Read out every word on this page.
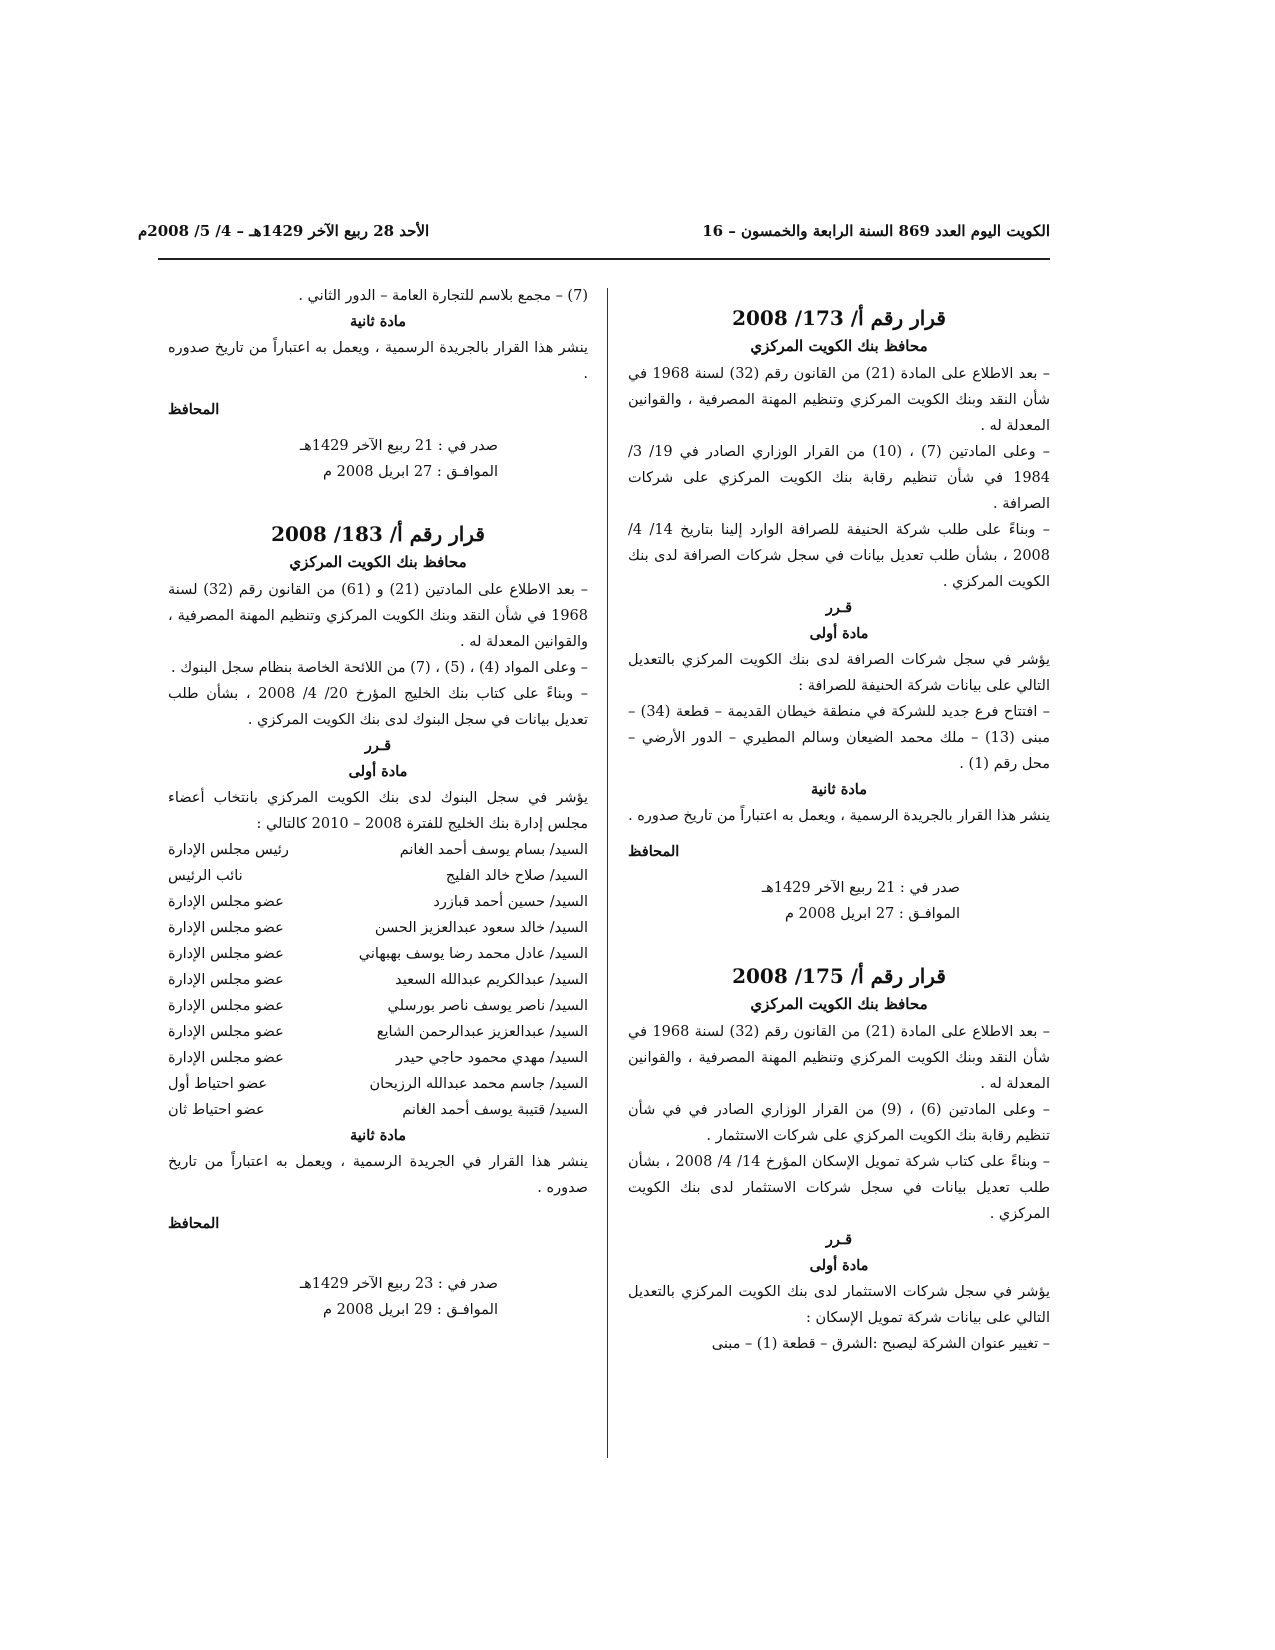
الكويت اليوم العدد 869 السنة الرابعة والخمسون – 16
الأحد 28 ربيع الآخر 1429هـ – 4/ 5/ 2008م
قرار رقم أ/ 173/ 2008
محافظ بنك الكويت المركزي

– بعد الاطلاع على المادة (21) من القانون رقم (32) لسنة 1968 في شأن النقد وبنك الكويت المركزي وتنظيم المهنة المصرفية ، والقوانين المعدلة له .

– وعلى المادتين (7) ، (10) من القرار الوزاري الصادر في 19/ 3/ 1984 في شأن تنظيم رقابة بنك الكويت المركزي على شركات الصرافة .

– وبناءً على طلب شركة الحنيفة للصرافة الوارد إلينا بتاريخ 14/ 4/ 2008 ، بشأن طلب تعديل بيانات في سجل شركات الصرافة لدى بنك الكويت المركزي .

قـرر
مادة أولى

يؤشر في سجل شركات الصرافة لدى بنك الكويت المركزي بالتعديل التالي على بيانات شركة الحنيفة للصرافة :

– افتتاح فرع جديد للشركة في منطقة خيطان القديمة – قطعة (34) – مبنى (13) – ملك محمد الضيعان وسالم المطيري – الدور الأرضي – محل رقم (1) .

مادة ثانية

ينشر هذا القرار بالجريدة الرسمية ، ويعمل به اعتباراً من تاريخ صدوره .

المحافظ
صدر في : 21 ربيع الآخر 1429هـ
الموافـق : 27 ابريل 2008 م
قرار رقم أ/ 175/ 2008
محافظ بنك الكويت المركزي

– بعد الاطلاع على المادة (21) من القانون رقم (32) لسنة 1968 في شأن النقد وبنك الكويت المركزي وتنظيم المهنة المصرفية ، والقوانين المعدلة له .

– وعلى المادتين (6) ، (9) من القرار الوزاري الصادر في في شأن تنظيم رقابة بنك الكويت المركزي على شركات الاستثمار .

– وبناءً على كتاب شركة تمويل الإسكان المؤرخ 14/ 4/ 2008 ، بشأن طلب تعديل بيانات في سجل شركات الاستثمار لدى بنك الكويت المركزي .

قـرر
مادة أولى

يؤشر في سجل شركات الاستثمار لدى بنك الكويت المركزي بالتعديل التالي على بيانات شركة تمويل الإسكان :

– تغيير عنوان الشركة ليصبح :الشرق – قطعة (1) – مبنى

(7) – مجمع بلاسم للتجارة العامة – الدور الثاني .

مادة ثانية

ينشر هذا القرار بالجريدة الرسمية ، ويعمل به اعتباراً من تاريخ صدوره .

المحافظ
صدر في : 21 ربيع الآخر 1429هـ
الموافـق : 27 ابريل 2008 م
قرار رقم أ/ 183/ 2008
محافظ بنك الكويت المركزي

– بعد الاطلاع على المادتين (21) و (61) من القانون رقم (32) لسنة 1968 في شأن النقد وبنك الكويت المركزي وتنظيم المهنة المصرفية ، والقوانين المعدلة له .

– وعلى المواد (4) ، (5) ، (7) من اللائحة الخاصة بنظام سجل البنوك .

– وبناءً على كتاب بنك الخليج المؤرخ 20/ 4/ 2008 ، بشأن طلب تعديل بيانات في سجل البنوك لدى بنك الكويت المركزي .

قـرر
مادة أولى

يؤشر في سجل البنوك لدى بنك الكويت المركزي بانتخاب أعضاء مجلس إدارة بنك الخليج للفترة 2008 – 2010 كالتالي :

السيد/ بسام يوسف أحمد الغانم
رئيس مجلس الإدارة
السيد/ صلاح خالد الفليج
نائب الرئيس
السيد/ حسين أحمد قبازرد
عضو مجلس الإدارة
السيد/ خالد سعود عبدالعزيز الحسن
عضو مجلس الإدارة
السيد/ عادل محمد رضا يوسف بهبهاني
عضو مجلس الإدارة
السيد/ عبدالكريم عبدالله السعيد
عضو مجلس الإدارة
السيد/ ناصر يوسف ناصر بورسلي
عضو مجلس الإدارة
السيد/ عبدالعزيز عبدالرحمن الشايع
عضو مجلس الإدارة
السيد/ مهدي محمود حاجي حيدر
عضو مجلس الإدارة
السيد/ جاسم محمد عبدالله الرزيحان
عضو احتياط أول
السيد/ قتيبة يوسف أحمد الغانم
عضو احتياط ثان
مادة ثانية

ينشر هذا القرار في الجريدة الرسمية ، ويعمل به اعتباراً من تاريخ صدوره .

المحافظ
صدر في : 23 ربيع الآخر 1429هـ
الموافـق : 29 ابريل 2008 م
